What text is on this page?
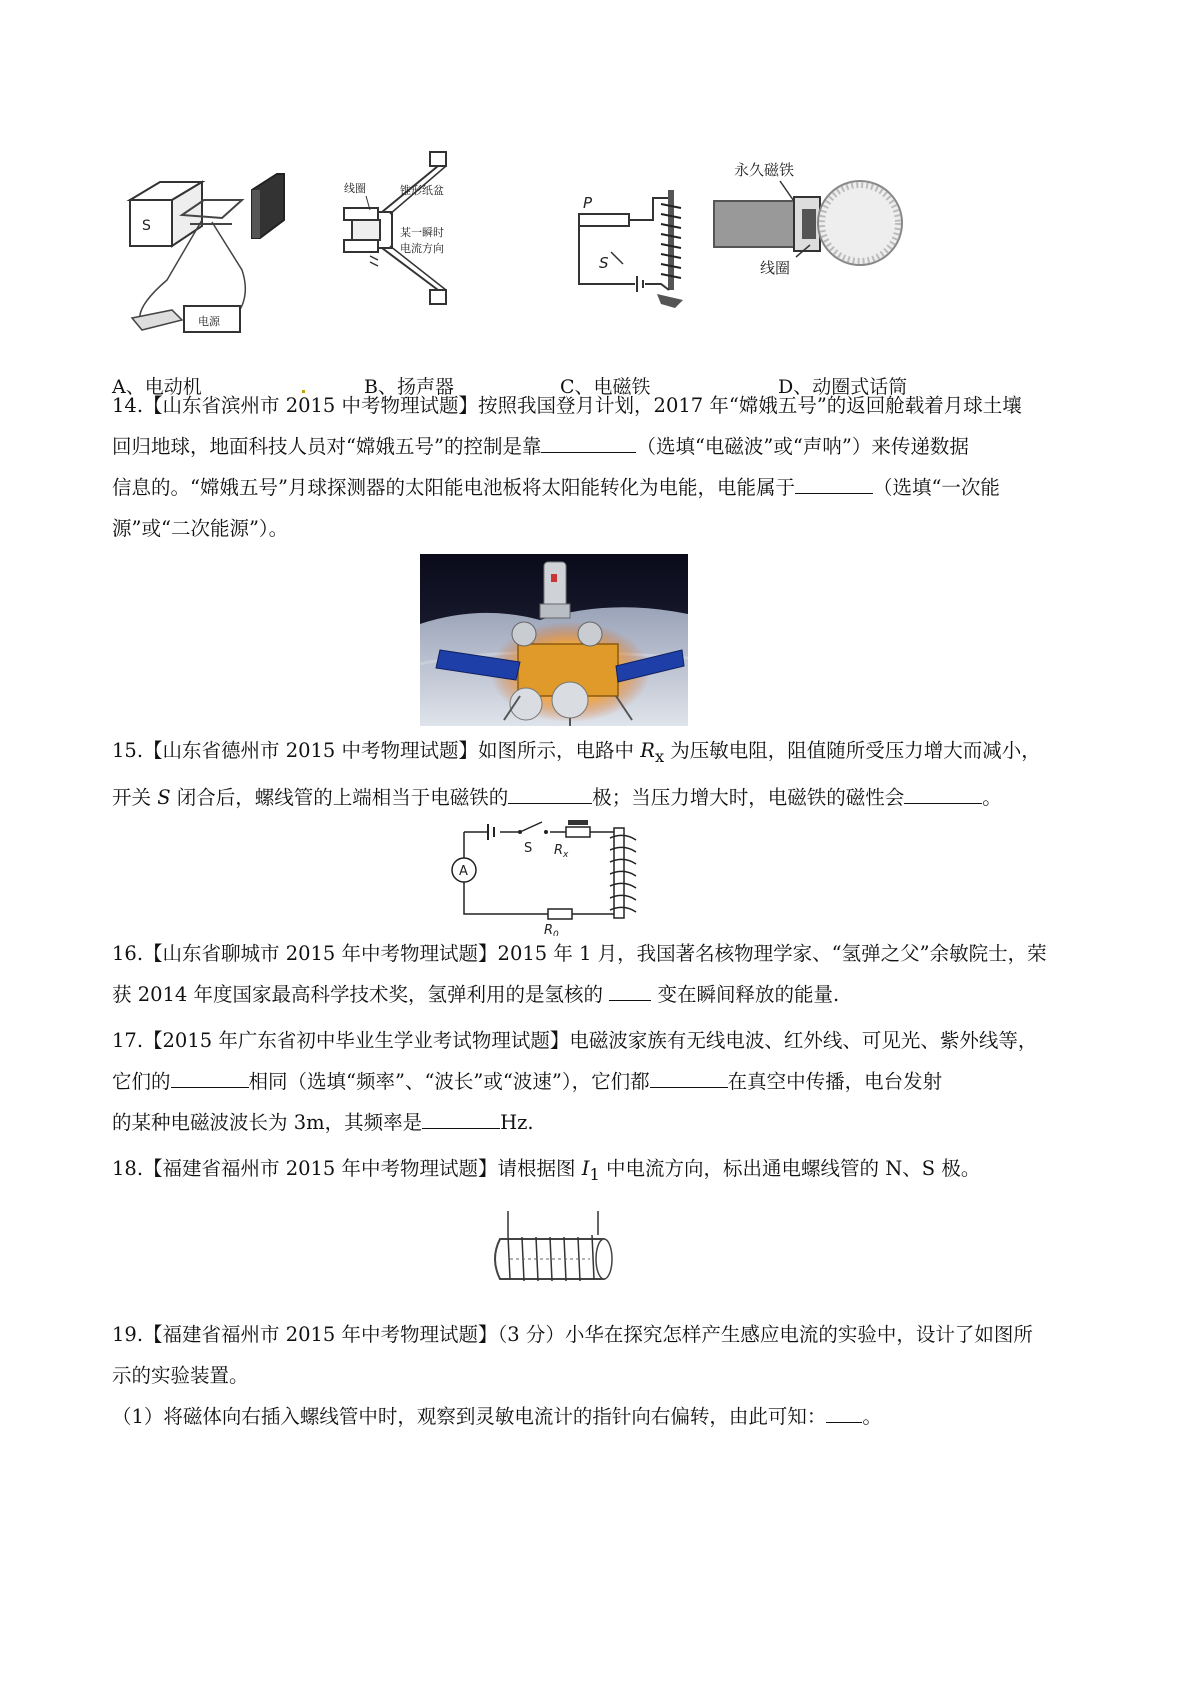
S
电源
线圈	锥形纸盆
某一瞬时
电流方向
P
S
永久磁铁
线圈
A、电动机	B、扬声器	C、电磁铁	D、动圈式话筒

14.【山东省滨州市 2015 中考物理试题】按照我国登月计划，2017 年“嫦娥五号”的返回舱载着月球土壤

回归地球，地面科技人员对“嫦娥五号”的控制是靠	（选填“电磁波”或“声呐”）来传递数据

信息的。“嫦娥五号”月球探测器的太阳能电池板将太阳能转化为电能，电能属于	（选填“一次能

源”或“二次能源”）。

15.【山东省德州市 2015 中考物理试题】如图所示，电路中 $R_x$ 为压敏电阻，阻值随所受压力增大而减小，

开关 S 闭合后，螺线管的上端相当于电磁铁的	极；当压力增大时，电磁铁的磁性会	。

S $R_x$
A
$R_0$

16.【山东省聊城市 2015 年中考物理试题】2015 年 1 月，我国著名核物理学家、“氢弹之父”余敏院士，荣

获 2014 年度国家最高科学技术奖，氢弹利用的是氢核的	变在瞬间释放的能量.

17.【2015 年广东省初中毕业生学业考试物理试题】电磁波家族有无线电波、红外线、可见光、紫外线等，

它们的	相同（选填“频率”、“波长”或“波速”），它们都	在真空中传播，电台发射

的某种电磁波波长为 3m，其频率是	Hz.

18.【福建省福州市 2015 年中考物理试题】请根据图 $I_1$ 中电流方向，标出通电螺线管的 N、S 极。

19.【福建省福州市 2015 年中考物理试题】（3 分）小华在探究怎样产生感应电流的实验中，设计了如图所

示的实验装置。

（1）将磁体向右插入螺线管中时，观察到灵敏电流计的指针向右偏转，由此可知： 。
